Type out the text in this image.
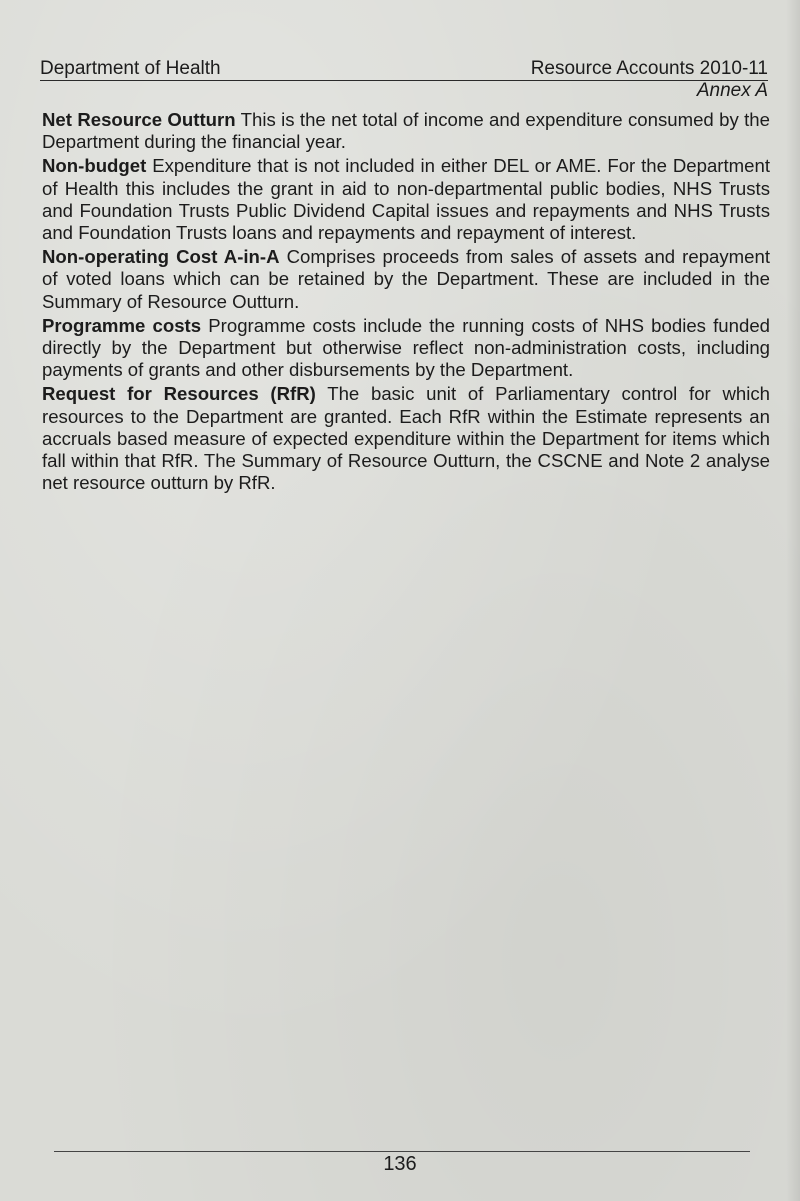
Department of Health	Resource Accounts 2010-11
Annex A

Net Resource Outturn This is the net total of income and expenditure consumed by the Department during the financial year.

Non-budget Expenditure that is not included in either DEL or AME. For the Department of Health this includes the grant in aid to non-departmental public bodies, NHS Trusts and Foundation Trusts Public Dividend Capital issues and repayments and NHS Trusts and Foundation Trusts loans and repayments and repayment of interest.

Non-operating Cost A-in-A Comprises proceeds from sales of assets and repayment of voted loans which can be retained by the Department. These are included in the Summary of Resource Outturn.

Programme costs Programme costs include the running costs of NHS bodies funded directly by the Department but otherwise reflect non-administration costs, including payments of grants and other disbursements by the Department.

Request for Resources (RfR) The basic unit of Parliamentary control for which resources to the Department are granted. Each RfR within the Estimate represents an accruals based measure of expected expenditure within the Department for items which fall within that RfR. The Summary of Resource Outturn, the CSCNE and Note 2 analyse net resource outturn by RfR.

136
